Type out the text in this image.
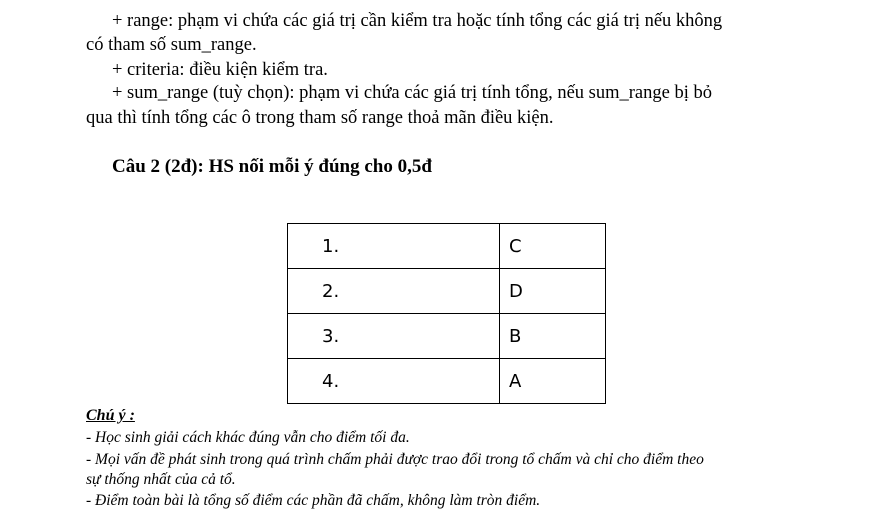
+ range: phạm vi chứa các giá trị cần kiểm tra hoặc tính tổng các giá trị nếu không
có tham số sum_range.
+ criteria: điều kiện kiểm tra.
+ sum_range (tuỳ chọn): phạm vi chứa các giá trị tính tổng, nếu sum_range bị bỏ
qua thì tính tổng các ô trong tham số range thoả mãn điều kiện.
Câu 2 (2đ): HS nối mỗi ý đúng cho 0,5đ
1.	C
2.	D
3.	B
4.	A
Chú ý :
- Học sinh giải cách khác đúng vẫn cho điểm tối đa.
- Mọi vấn đề phát sinh trong quá trình chấm phải được trao đổi trong tổ chấm và chỉ cho điểm theo
sự thống nhất của cả tổ.
- Điểm toàn bài là tổng số điểm các phần đã chấm, không làm tròn điểm.
